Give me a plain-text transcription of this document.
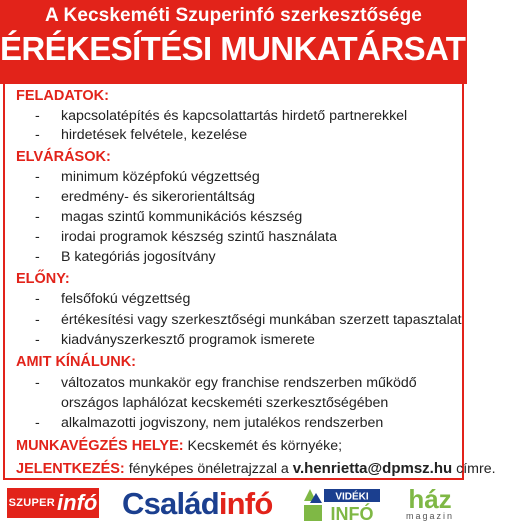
A Kecskeméti Szuperinfó szerkesztősége
ÉRÉKESÍTÉSI MUNKATÁRSAT keres.
FELADATOK:
- kapcsolatépítés és kapcsolattartás hirdető partnerekkel
- hirdetések felvétele, kezelése
ELVÁRÁSOK:
- minimum középfokú végzettség
- eredmény- és sikerorientáltság
- magas szintű kommunikációs készség
- irodai programok készség szintű használata
- B kategóriás jogosítvány
ELŐNY:
- felsőfokú végzettség
- értékesítési vagy szerkesztőségi munkában szerzett tapasztalat
- kiadványszerkesztő programok ismerete
AMIT KÍNÁLUNK:
- változatos munkakör egy franchise rendszerben működő
országos laphálózat kecskeméti szerkesztőségében
- alkalmazotti jogviszony, nem jutalékos rendszerben
MUNKAVÉGZÉS HELYE: Kecskemét és környéke;
JELENTKEZÉS: fényképes önéletrajzzal a v.henrietta@dpmsz.hu címre.
SZUPER infó Családinfó	VIDÉKI
INFÓ	ház
magazin
